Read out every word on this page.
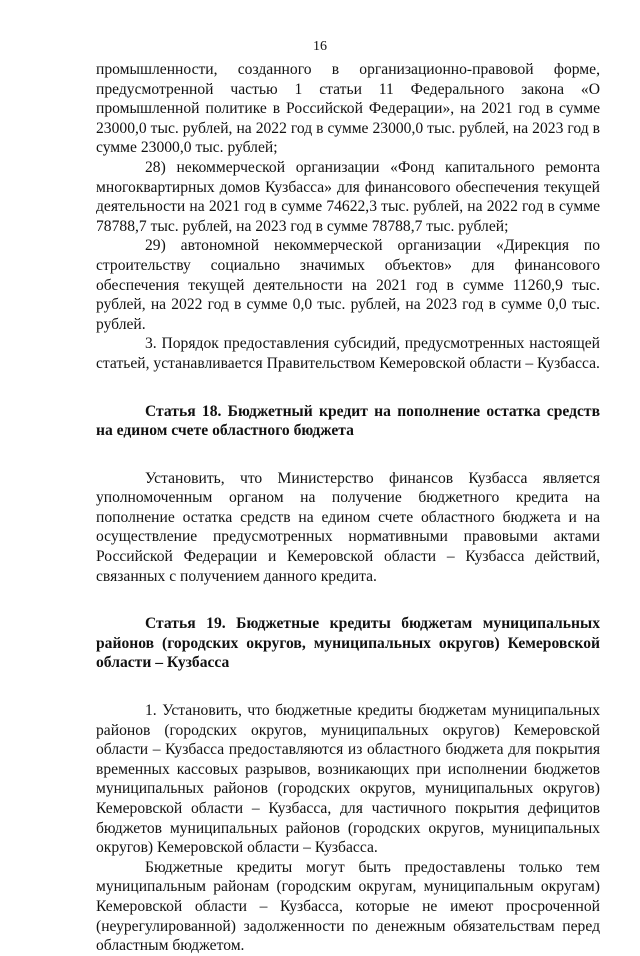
16

промышленности, созданного в организационно-правовой форме, предусмотренной частью 1 статьи 11 Федерального закона «О промышленной политике в Российской Федерации», на 2021 год в сумме 23000,0 тыс. рублей, на 2022 год в сумме 23000,0 тыс. рублей, на 2023 год в сумме 23000,0 тыс. рублей;

28) некоммерческой организации «Фонд капитального ремонта многоквартирных домов Кузбасса» для финансового обеспечения текущей деятельности на 2021 год в сумме 74622,3 тыс. рублей, на 2022 год в сумме 78788,7 тыс. рублей, на 2023 год в сумме 78788,7 тыс. рублей;

29) автономной некоммерческой организации «Дирекция по строительству социально значимых объектов» для финансового обеспечения текущей деятельности на 2021 год в сумме 11260,9 тыс. рублей, на 2022 год в сумме 0,0 тыс. рублей, на 2023 год в сумме 0,0 тыс. рублей.

3. Порядок предоставления субсидий, предусмотренных настоящей статьей, устанавливается Правительством Кемеровской области – Кузбасса.

Статья 18. Бюджетный кредит на пополнение остатка средств на едином счете областного бюджета

Установить, что Министерство финансов Кузбасса является уполномоченным органом на получение бюджетного кредита на пополнение остатка средств на едином счете областного бюджета и на осуществление предусмотренных нормативными правовыми актами Российской Федерации и Кемеровской области – Кузбасса действий, связанных с получением данного кредита.

Статья 19. Бюджетные кредиты бюджетам муниципальных районов (городских округов, муниципальных округов) Кемеровской области – Кузбасса

1. Установить, что бюджетные кредиты бюджетам муниципальных районов (городских округов, муниципальных округов) Кемеровской области – Кузбасса предоставляются из областного бюджета для покрытия временных кассовых разрывов, возникающих при исполнении бюджетов муниципальных районов (городских округов, муниципальных округов) Кемеровской области – Кузбасса, для частичного покрытия дефицитов бюджетов муниципальных районов (городских округов, муниципальных округов) Кемеровской области – Кузбасса.

Бюджетные кредиты могут быть предоставлены только тем муниципальным районам (городским округам, муниципальным округам) Кемеровской области – Кузбасса, которые не имеют просроченной (неурегулированной) задолженности по денежным обязательствам перед областным бюджетом.
